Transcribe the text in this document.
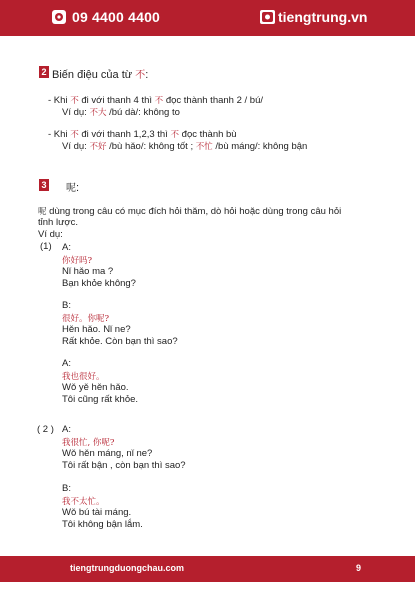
09 4400 4400	tiengtrung.vn
2 Biến điệu của từ 不:
- Khi 不 đi với thanh 4 thì 不 đọc thành thanh 2 / bú/
Ví dụ: 不大 /bú dà/: không to
- Khi 不 đi với thanh 1,2,3 thì 不 đọc thành bù
Ví dụ: 不好 /bù hǎo/: không tốt ; 不忙 /bù máng/: không bận
3 呢:
呢 dùng trong câu có mục đích hỏi thăm, dò hỏi hoặc dùng trong câu hỏi
tỉnh lược.
Ví dụ:
(1) A:
你好吗?
Nǐ hǎo ma ?
Bạn khỏe không?
B:
很好。你呢?
Hěn hǎo. Nǐ ne?
Rất khỏe. Còn bạn thì sao?
A:
我也很好。
Wǒ yě hěn hǎo.
Tôi cũng rất khỏe.
( 2 ) A:
我很忙, 你呢?
Wǒ hěn máng, nǐ ne?
Tôi rất bận , còn bạn thì sao?
B:
我不太忙。
Wǒ bú tài máng.
Tôi không bận lắm.
tiengtrungduongchau.com	9
